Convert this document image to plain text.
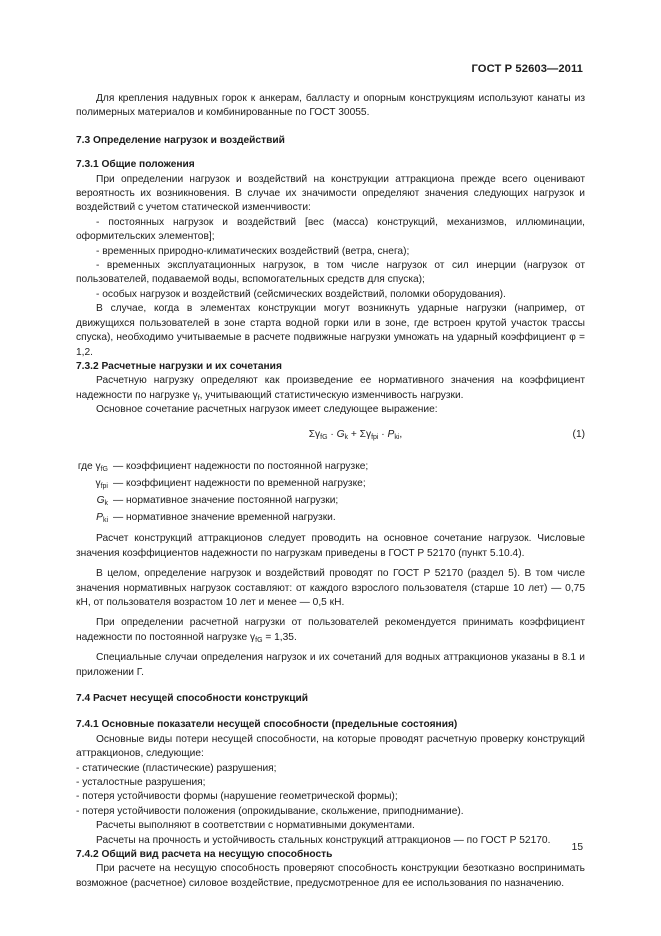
ГОСТ Р 52603—2011

Для крепления надувных горок к анкерам, балласту и опорным конструкциям используют канаты из полимерных материалов и комбинированные по ГОСТ 30055.

7.3 Определение нагрузок и воздействий

7.3.1 Общие положения

При определении нагрузок и воздействий на конструкции аттракциона прежде всего оценивают вероятность их возникновения. В случае их значимости определяют значения следующих нагрузок и воздействий с учетом статической изменчивости:

- постоянных нагрузок и воздействий [вес (масса) конструкций, механизмов, иллюминации, оформительских элементов];

- временных природно-климатических воздействий (ветра, снега);

- временных эксплуатационных нагрузок, в том числе нагрузок от сил инерции (нагрузок от пользователей, подаваемой воды, вспомогательных средств для спуска);

- особых нагрузок и воздействий (сейсмических воздействий, поломки оборудования).

В случае, когда в элементах конструкции могут возникнуть ударные нагрузки (например, от движущихся пользователей в зоне старта водной горки или в зоне, где встроен крутой участок трассы спуска), необходимо учитываемые в расчете подвижные нагрузки умножать на ударный коэффициент φ = 1,2.

7.3.2 Расчетные нагрузки и их сочетания

Расчетную нагрузку определяют как произведение ее нормативного значения на коэффициент надежности по нагрузке $\gamma_f$, учитывающий статистическую изменчивость нагрузки.

Основное сочетание расчетных нагрузок имеет следующее выражение:

$\Sigma\gamma_{fG} \cdot G_k + \Sigma\gamma_{fpi} \cdot P_{ki}$,	(1)
где $\gamma_{fG}$ — коэффициент надежности по постоянной нагрузке;
$\gamma_{fpi}$ — коэффициент надежности по временной нагрузке;
$G_k$ — нормативное значение постоянной нагрузки;
$P_{ki}$ — нормативное значение временной нагрузки.

Расчет конструкций аттракционов следует проводить на основное сочетание нагрузок. Числовые значения коэффициентов надежности по нагрузкам приведены в ГОСТ Р 52170 (пункт 5.10.4).

В целом, определение нагрузок и воздействий проводят по ГОСТ Р 52170 (раздел 5). В том числе значения нормативных нагрузок составляют: от каждого взрослого пользователя (старше 10 лет) — 0,75 кН, от пользователя возрастом 10 лет и менее — 0,5 кН.

При определении расчетной нагрузки от пользователей рекомендуется принимать коэффициент надежности по постоянной нагрузке $\gamma_{fG} = 1,35$.

Специальные случаи определения нагрузок и их сочетаний для водных аттракционов указаны в 8.1 и приложении Г.

7.4 Расчет несущей способности конструкций

7.4.1 Основные показатели несущей способности (предельные состояния)

Основные виды потери несущей способности, на которые проводят расчетную проверку конструкций аттракционов, следующие:

- статические (пластические) разрушения;

- усталостные разрушения;

- потеря устойчивости формы (нарушение геометрической формы);

- потеря устойчивости положения (опрокидывание, скольжение, приподнимание).

Расчеты выполняют в соответствии с нормативными документами.

Расчеты на прочность и устойчивость стальных конструкций аттракционов — по ГОСТ Р 52170.

7.4.2 Общий вид расчета на несущую способность

При расчете на несущую способность проверяют способность конструкции безотказно воспринимать возможное (расчетное) силовое воздействие, предусмотренное для ее использования по назначению.

15
